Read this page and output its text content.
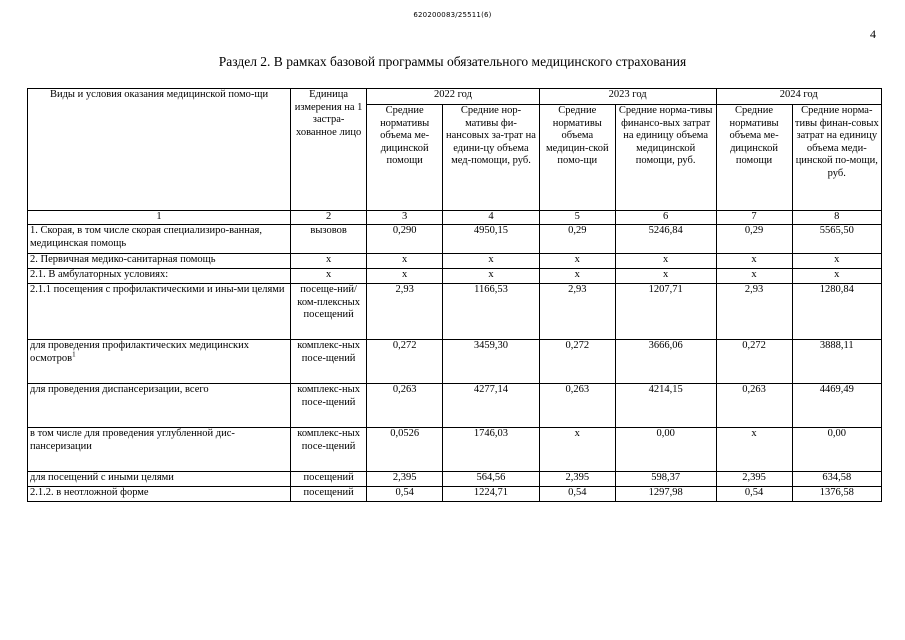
620200083/25511(6)
4
Раздел 2. В рамках базовой программы обязательного медицинского страхования
Виды и условия оказания медицинской помо-щи	Единица измерения на 1 застра-хованное лицо	2022 год		2023 год		2024 год	
		Средние нормативы объема ме-дицинской помощи	Средние нор-мативы фи-нансовых за-трат на едини-цу объема мед-помощи, руб.	Средние нормативы объема медицин-ской помо-щи	Средние норма-тивы финансо-вых затрат на единицу объема медицинской помощи, руб.	Средние нормативы объема ме-дицинской помощи	Средние норма-тивы финан-совых затрат на единицу объема меди-цинской по-мощи, руб.
1	2	3	4	5	6	7	8
1. Скорая, в том числе скорая специализиро-ванная, медицинская помощь	вызовов	0,290	4950,15	0,29	5246,84	0,29	5565,50
2. Первичная медико-санитарная помощь	х	х	х	х	х	х	х
2.1. В амбулаторных условиях:	х	х	х	х	х	х	х
2.1.1 посещения с профилактическими и ины-ми целями	посеще-ний/ком-плексных посещений	2,93	1166,53	2,93	1207,71	2,93	1280,84
для проведения профилактических медицинских осмотров$^1$	комплекс-ных посе-щений	0,272	3459,30	0,272	3666,06	0,272	3888,11
для проведения диспансеризации, всего	комплекс-ных посе-щений	0,263	4277,14	0,263	4214,15	0,263	4469,49
в том числе для проведения углубленной дис-пансеризации	комплекс-ных посе-щений	0,0526	1746,03	х	0,00	х	0,00
для посещений с иными целями	посещений	2,395	564,56	2,395	598,37	2,395	634,58
2.1.2. в неотложной форме	посещений	0,54	1224,71	0,54	1297,98	0,54	1376,58
